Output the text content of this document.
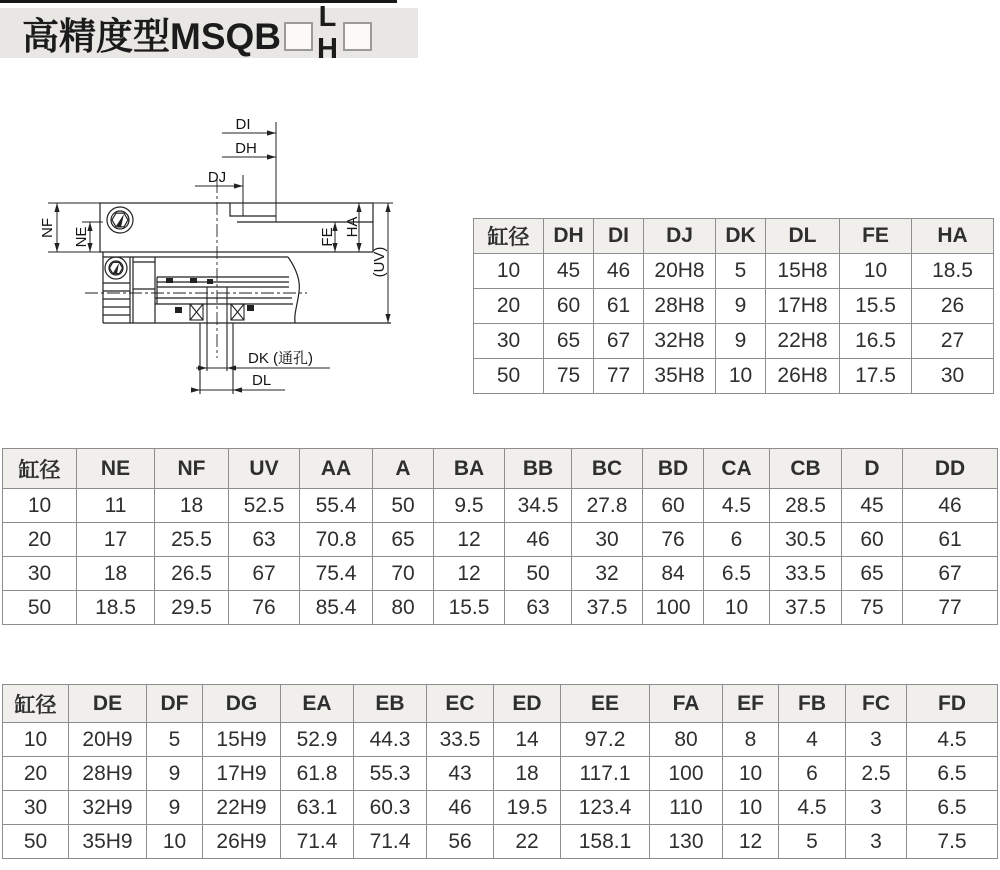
高精度型MSQB L
H
DI
DH
DJ
NF NE	FE HA
(UV)
DK (通孔)
DL
缸径	DH	DI	DJ	DK	DL	FE	HA
10	45	46	20H8	5	15H8	10	18.5
20	60	61	28H8	9	17H8	15.5	26
30	65	67	32H8	9	22H8	16.5	27
50	75	77	35H8	10	26H8	17.5	30
缸径	NE	NF	UV	AA	A	BA	BB	BC	BD	CA	CB	D	DD
10	11	18	52.5	55.4	50	9.5	34.5	27.8	60	4.5	28.5	45	46
20	17	25.5	63	70.8	65	12	46	30	76	6	30.5	60	61
30	18	26.5	67	75.4	70	12	50	32	84	6.5	33.5	65	67
50	18.5	29.5	76	85.4	80	15.5	63	37.5	100	10	37.5	75	77
缸径	DE	DF	DG	EA	EB	EC	ED	EE	FA	EF	FB	FC	FD
10	20H9	5	15H9	52.9	44.3	33.5	14	97.2	80	8	4	3	4.5
20	28H9	9	17H9	61.8	55.3	43	18	117.1	100	10	6	2.5	6.5
30	32H9	9	22H9	63.1	60.3	46	19.5	123.4	110	10	4.5	3	6.5
50	35H9	10	26H9	71.4	71.4	56	22	158.1	130	12	5	3	7.5
